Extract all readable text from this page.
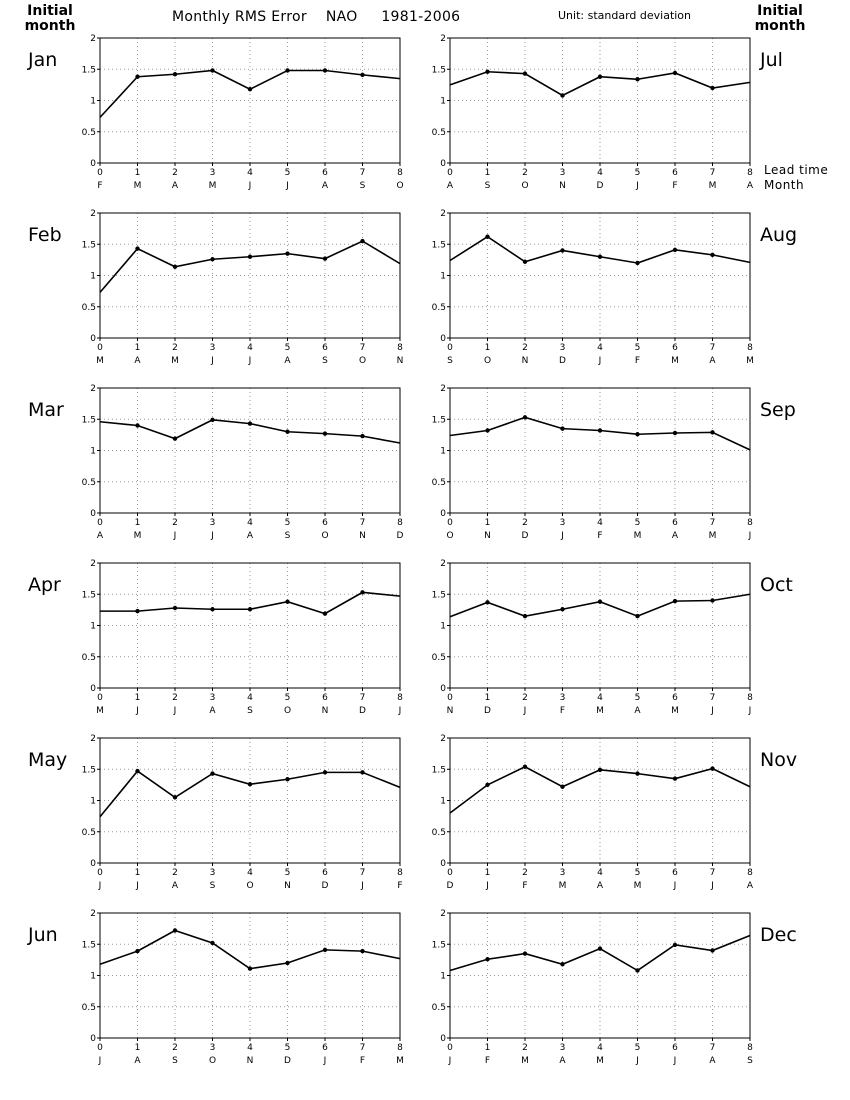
Initial
month
Initial
month
Monthly RMS Error    NAO     1981-2006	Unit: standard deviation
Lead time
Month
0
0.5
1
1.5
2
0
F
1
M
2
A
3
M
4
J
5
J
6
A
7
S
8
O
Jan
0
0.5
1
1.5
2
0
A
1
S
2
O
3
N
4
D
5
J
6
F
7
M
8
A
Jul
0
0.5
1
1.5
2
0
M
1
A
2
M
3
J
4
J
5
A
6
S
7
O
8
N
Feb
0
0.5
1
1.5
2
0
S
1
O
2
N
3
D
4
J
5
F
6
M
7
A
8
M
Aug
0
0.5
1
1.5
2
0
A
1
M
2
J
3
J
4
A
5
S
6
O
7
N
8
D
Mar
0
0.5
1
1.5
2
0
O
1
N
2
D
3
J
4
F
5
M
6
A
7
M
8
J
Sep
0
0.5
1
1.5
2
0
M
1
J
2
J
3
A
4
S
5
O
6
N
7
D
8
J
Apr
0
0.5
1
1.5
2
0
N
1
D
2
J
3
F
4
M
5
A
6
M
7
J
8
J
Oct
0
0.5
1
1.5
2
0
J
1
J
2
A
3
S
4
O
5
N
6
D
7
J
8
F
May
0
0.5
1
1.5
2
0
D
1
J
2
F
3
M
4
A
5
M
6
J
7
J
8
A
Nov
0
0.5
1
1.5
2
0
J
1
A
2
S
3
O
4
N
5
D
6
J
7
F
8
M
Jun
0
0.5
1
1.5
2
0
J
1
F
2
M
3
A
4
M
5
J
6
J
7
A
8
S
Dec
